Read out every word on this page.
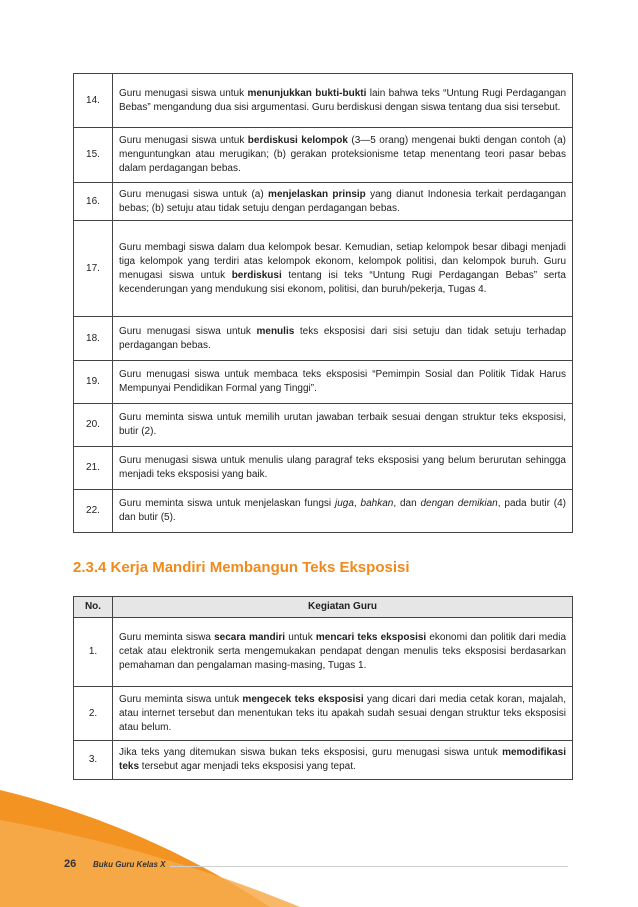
14.	Guru menugasi siswa untuk menunjukkan bukti-bukti lain bahwa teks “Untung Rugi Perdagangan Bebas” mengandung dua sisi argumentasi. Guru berdiskusi dengan siswa tentang dua sisi tersebut.
15.	Guru menugasi siswa untuk berdiskusi kelompok (3—5 orang) mengenai bukti dengan contoh (a) menguntungkan atau merugikan; (b) gerakan proteksionisme tetap menentang teori pasar bebas dalam perdagangan bebas.
16.	Guru menugasi siswa untuk (a) menjelaskan prinsip yang dianut Indonesia terkait perdagangan bebas; (b) setuju atau tidak setuju dengan perdagangan bebas.
17.	Guru membagi siswa dalam dua kelompok besar. Kemudian, setiap kelompok besar dibagi menjadi tiga kelompok yang terdiri atas kelompok ekonom, kelompok politisi, dan kelompok buruh. Guru menugasi siswa untuk berdiskusi tentang isi teks “Untung Rugi Perdagangan Bebas” serta kecenderungan yang mendukung sisi ekonom, politisi, dan buruh/pekerja, Tugas 4.
18.	Guru menugasi siswa untuk menulis teks eksposisi dari sisi setuju dan tidak setuju terhadap perdagangan bebas.
19.	Guru menugasi siswa untuk membaca teks eksposisi “Pemimpin Sosial dan Politik Tidak Harus Mempunyai Pendidikan Formal yang Tinggi”.
20.	Guru meminta siswa untuk memilih urutan jawaban terbaik sesuai dengan struktur teks eksposisi, butir (2).
21.	Guru menugasi siswa untuk menulis ulang paragraf teks eksposisi yang belum berurutan sehingga menjadi teks eksposisi yang baik.
22.	Guru meminta siswa untuk menjelaskan fungsi juga, bahkan, dan dengan demikian, pada butir (4) dan butir (5).
2.3.4 Kerja Mandiri Membangun Teks Eksposisi
No.	Kegiatan Guru
1.	Guru meminta siswa secara mandiri untuk mencari teks eksposisi ekonomi dan politik dari media cetak atau elektronik serta mengemukakan pendapat dengan menulis teks eksposisi berdasarkan pemahaman dan pengalaman masing-masing, Tugas 1.
2.	Guru meminta siswa untuk mengecek teks eksposisi yang dicari dari media cetak koran, majalah, atau internet tersebut dan menentukan teks itu apakah sudah sesuai dengan struktur teks eksposisi atau belum.
3.	Jika teks yang ditemukan siswa bukan teks eksposisi, guru menugasi siswa untuk memodifikasi teks tersebut agar menjadi teks eksposisi yang tepat.
26 Buku Guru Kelas X
